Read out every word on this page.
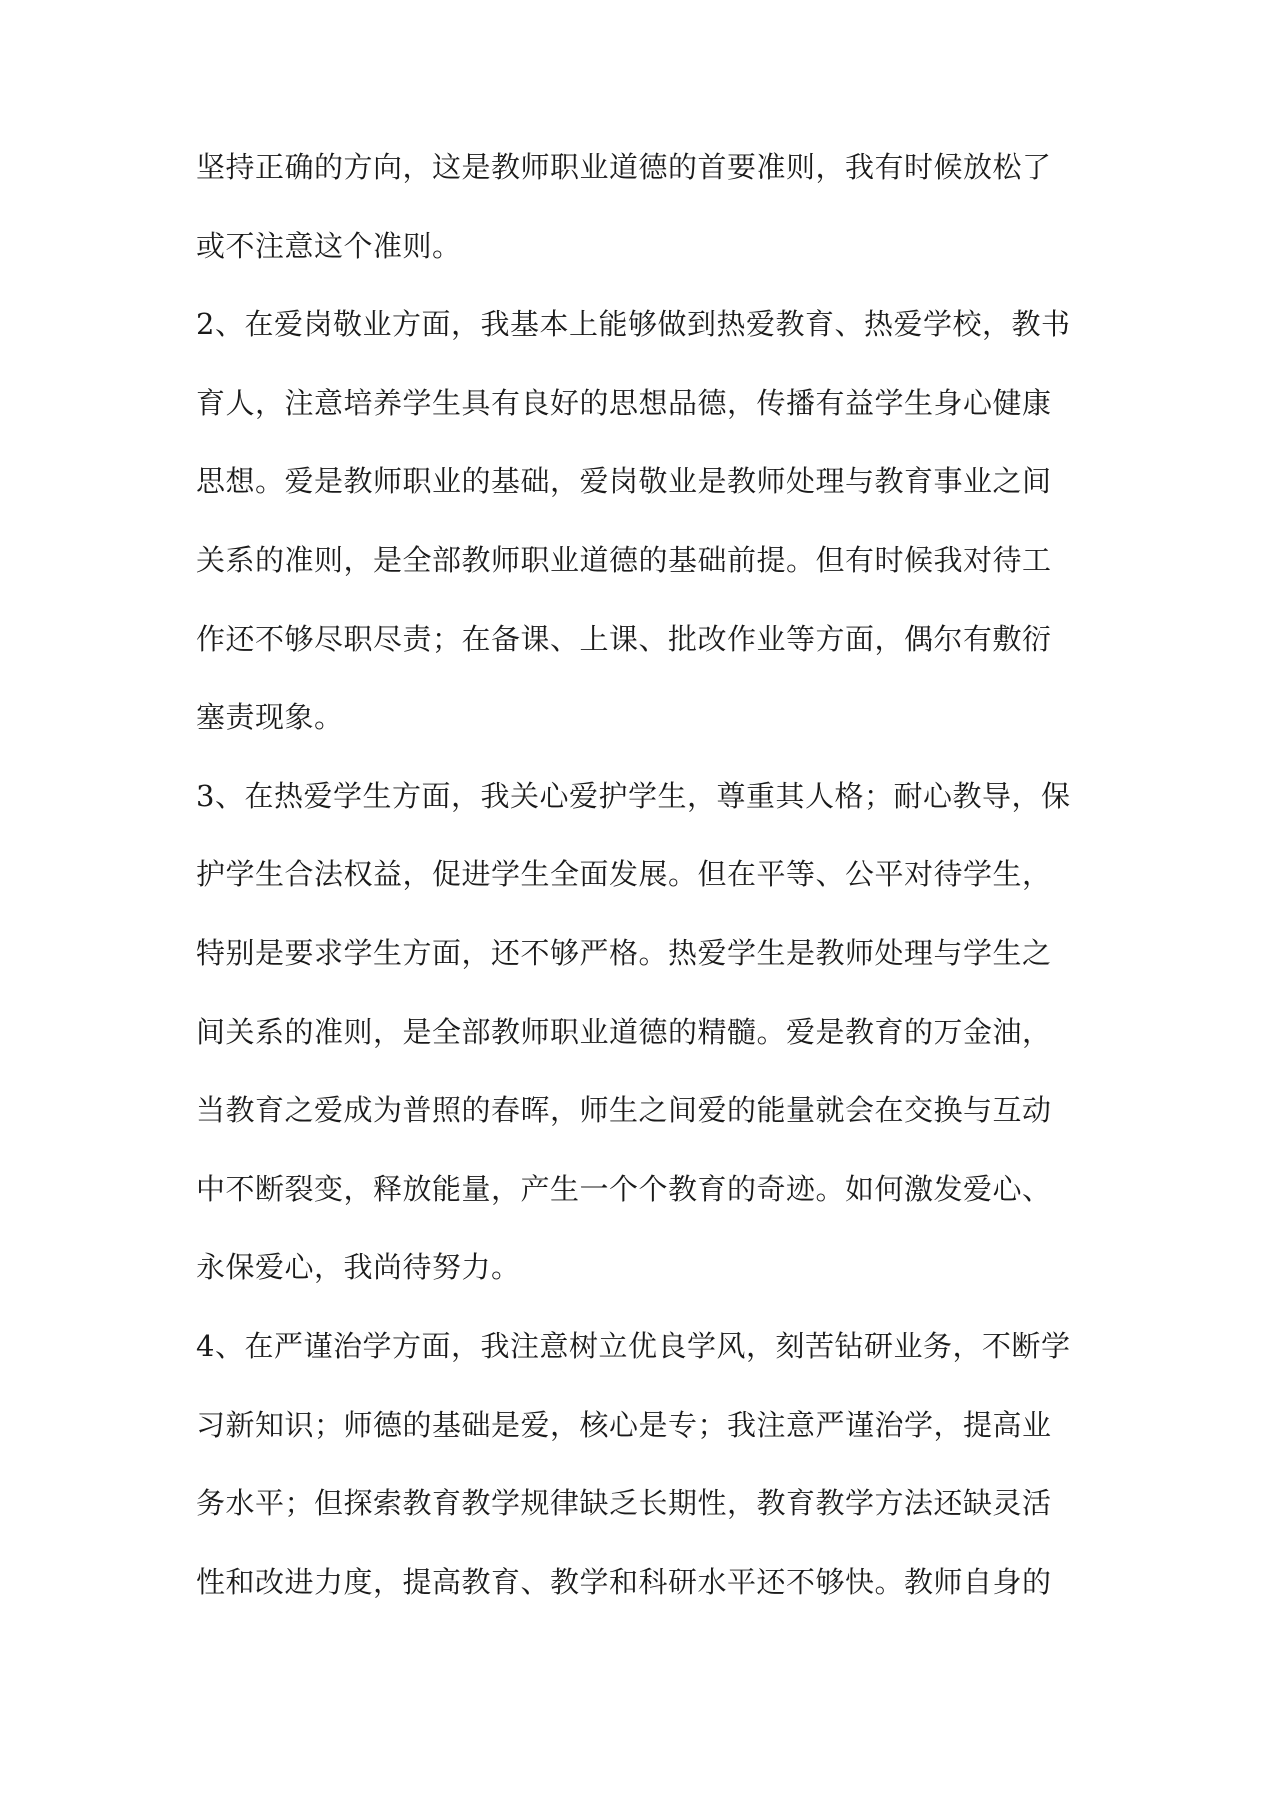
坚持正确的方向，这是教师职业道德的首要准则，我有时候放松了
或不注意这个准则。
2、在爱岗敬业方面，我基本上能够做到热爱教育、热爱学校，教书
育人，注意培养学生具有良好的思想品德，传播有益学生身心健康
思想。爱是教师职业的基础，爱岗敬业是教师处理与教育事业之间
关系的准则，是全部教师职业道德的基础前提。但有时候我对待工
作还不够尽职尽责；在备课、上课、批改作业等方面，偶尔有敷衍
塞责现象。
3、在热爱学生方面，我关心爱护学生，尊重其人格；耐心教导，保
护学生合法权益，促进学生全面发展。但在平等、公平对待学生，
特别是要求学生方面，还不够严格。热爱学生是教师处理与学生之
间关系的准则，是全部教师职业道德的精髓。爱是教育的万金油，
当教育之爱成为普照的春晖，师生之间爱的能量就会在交换与互动
中不断裂变，释放能量，产生一个个教育的奇迹。如何激发爱心、
永保爱心，我尚待努力。
4、在严谨治学方面，我注意树立优良学风，刻苦钻研业务，不断学
习新知识；师德的基础是爱，核心是专；我注意严谨治学，提高业
务水平；但探索教育教学规律缺乏长期性，教育教学方法还缺灵活
性和改进力度，提高教育、教学和科研水平还不够快。教师自身的
